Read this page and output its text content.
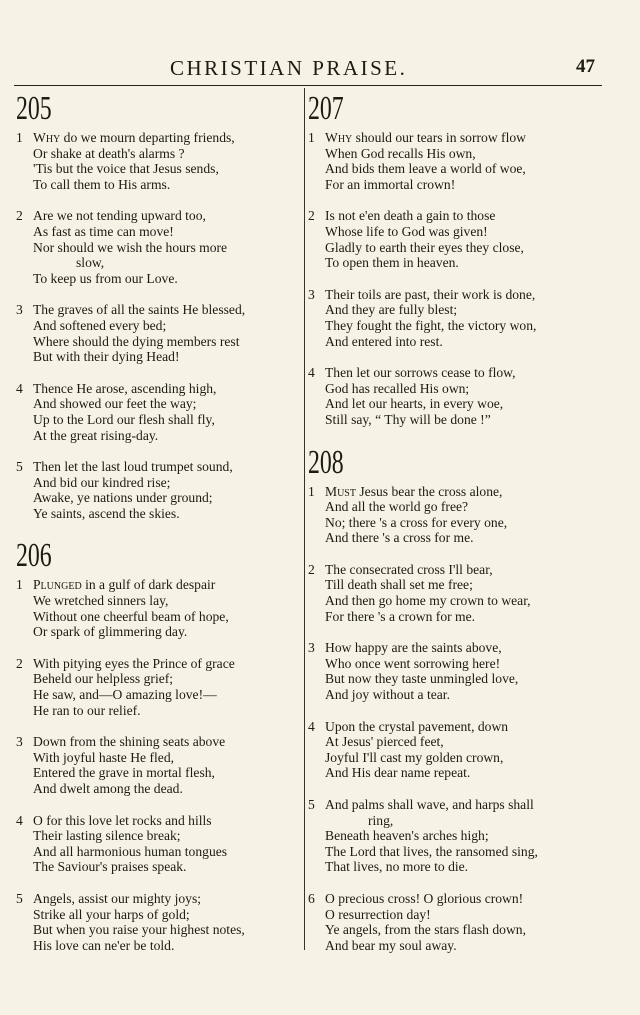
CHRISTIAN PRAISE.	47
205
1 Why do we mourn departing friends,
Or shake at death's alarms ?
'Tis but the voice that Jesus sends,
To call them to His arms.
2 Are we not tending upward too,
As fast as time can move!
Nor should we wish the hours more
slow,
To keep us from our Love.
3 The graves of all the saints He blessed,
And softened every bed;
Where should the dying members rest
But with their dying Head!
4 Thence He arose, ascending high,
And showed our feet the way;
Up to the Lord our flesh shall fly,
At the great rising-day.
5 Then let the last loud trumpet sound,
And bid our kindred rise;
Awake, ye nations under ground;
Ye saints, ascend the skies.
206
1 Plunged in a gulf of dark despair
We wretched sinners lay,
Without one cheerful beam of hope,
Or spark of glimmering day.
2 With pitying eyes the Prince of grace
Beheld our helpless grief;
He saw, and—O amazing love!—
He ran to our relief.
3 Down from the shining seats above
With joyful haste He fled,
Entered the grave in mortal flesh,
And dwelt among the dead.
4 O for this love let rocks and hills
Their lasting silence break;
And all harmonious human tongues
The Saviour's praises speak.
5 Angels, assist our mighty joys;
Strike all your harps of gold;
But when you raise your highest notes,
His love can ne'er be told.
207
1 Why should our tears in sorrow flow
When God recalls His own,
And bids them leave a world of woe,
For an immortal crown!
2 Is not e'en death a gain to those
Whose life to God was given!
Gladly to earth their eyes they close,
To open them in heaven.
3 Their toils are past, their work is done,
And they are fully blest;
They fought the fight, the victory won,
And entered into rest.
4 Then let our sorrows cease to flow,
God has recalled His own;
And let our hearts, in every woe,
Still say, “ Thy will be done !”
208
1 Must Jesus bear the cross alone,
And all the world go free?
No; there 's a cross for every one,
And there 's a cross for me.
2 The consecrated cross I'll bear,
Till death shall set me free;
And then go home my crown to wear,
For there 's a crown for me.
3 How happy are the saints above,
Who once went sorrowing here!
But now they taste unmingled love,
And joy without a tear.
4 Upon the crystal pavement, down
At Jesus' pierced feet,
Joyful I'll cast my golden crown,
And His dear name repeat.
5 And palms shall wave, and harps shall
ring,
Beneath heaven's arches high;
The Lord that lives, the ransomed sing,
That lives, no more to die.
6 O precious cross! O glorious crown!
O resurrection day!
Ye angels, from the stars flash down,
And bear my soul away.
